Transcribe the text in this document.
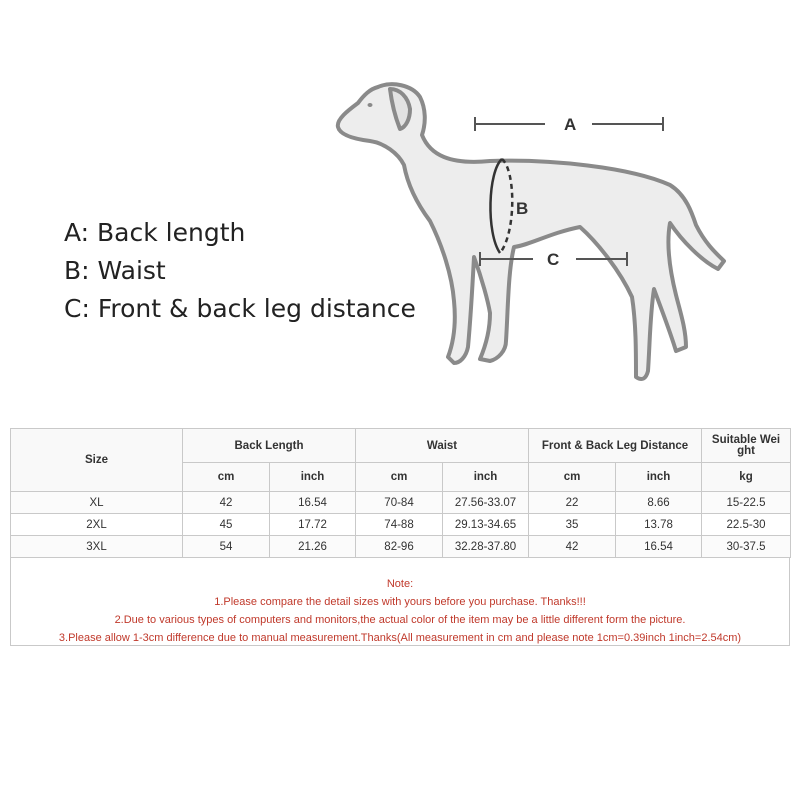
A: Back length
B: Waist
C: Front & back leg distance
A
B
C
Size	Back Length		Waist		Front & Back Leg Distance		Suitable Wei ght
	cm	inch	cm	inch	cm	inch	kg
XL	42	16.54	70-84	27.56-33.07	22	8.66	15-22.5
2XL	45	17.72	74-88	29.13-34.65	35	13.78	22.5-30
3XL	54	21.26	82-96	32.28-37.80	42	16.54	30-37.5
Note:
1.Please compare the detail sizes with yours before you purchase. Thanks!!!
2.Due to various types of computers and monitors,the actual color of the item may be a little different form the picture.
3.Please allow 1-3cm difference due to manual measurement.Thanks(All measurement in cm and please note 1cm=0.39inch 1inch=2.54cm)
